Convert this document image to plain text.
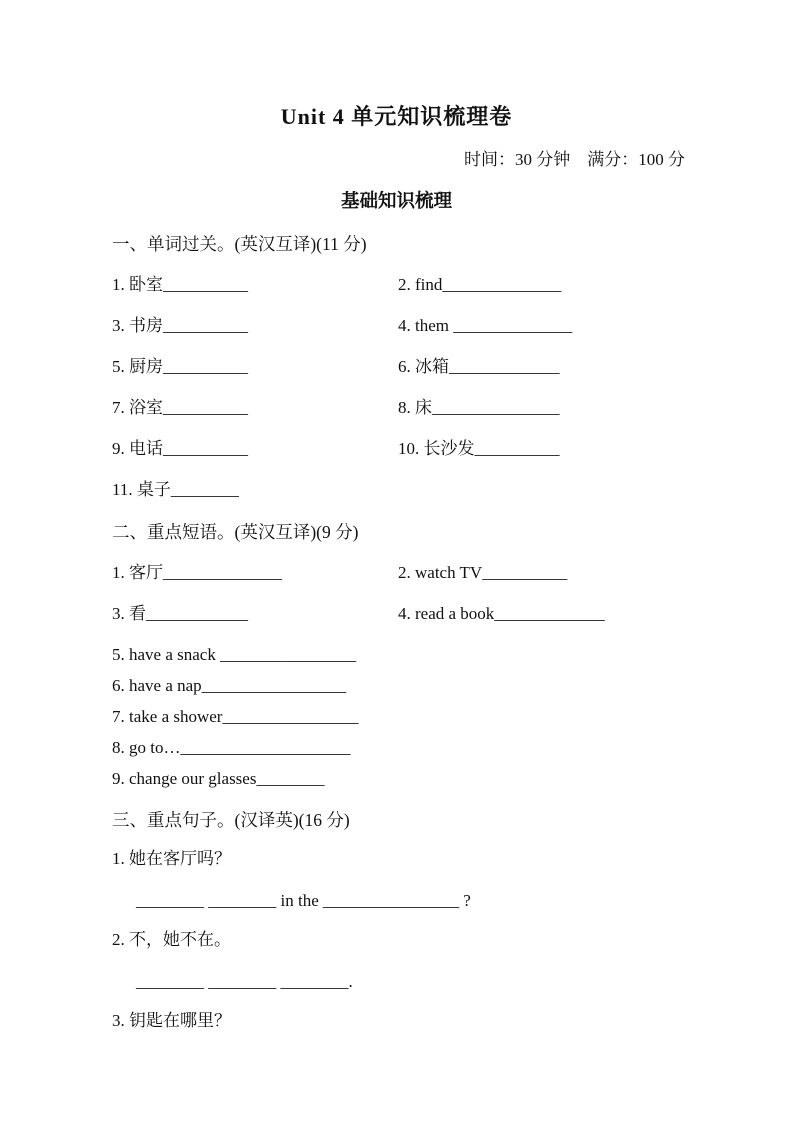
Unit 4 单元知识梳理卷
时间：30 分钟　满分：100 分
基础知识梳理
一、单词过关。(英汉互译)(11 分)
1. 卧室__________	2. find______________
3. 书房__________	4. them ______________
5. 厨房__________	6. 冰箱_____________
7. 浴室__________	8. 床_______________
9. 电话__________	10. 长沙发__________
11. 桌子________
二、重点短语。(英汉互译)(9 分)
1. 客厅______________	2. watch TV__________
3. 看____________	4. read a book_____________
5. have a snack ________________
6. have a nap_________________
7. take a shower________________
8. go to…____________________
9. change our glasses________
三、重点句子。(汉译英)(16 分)
1. 她在客厅吗？
________ ________ in the ________________ ?
2. 不，她不在。
________ ________ ________.
3. 钥匙在哪里？
